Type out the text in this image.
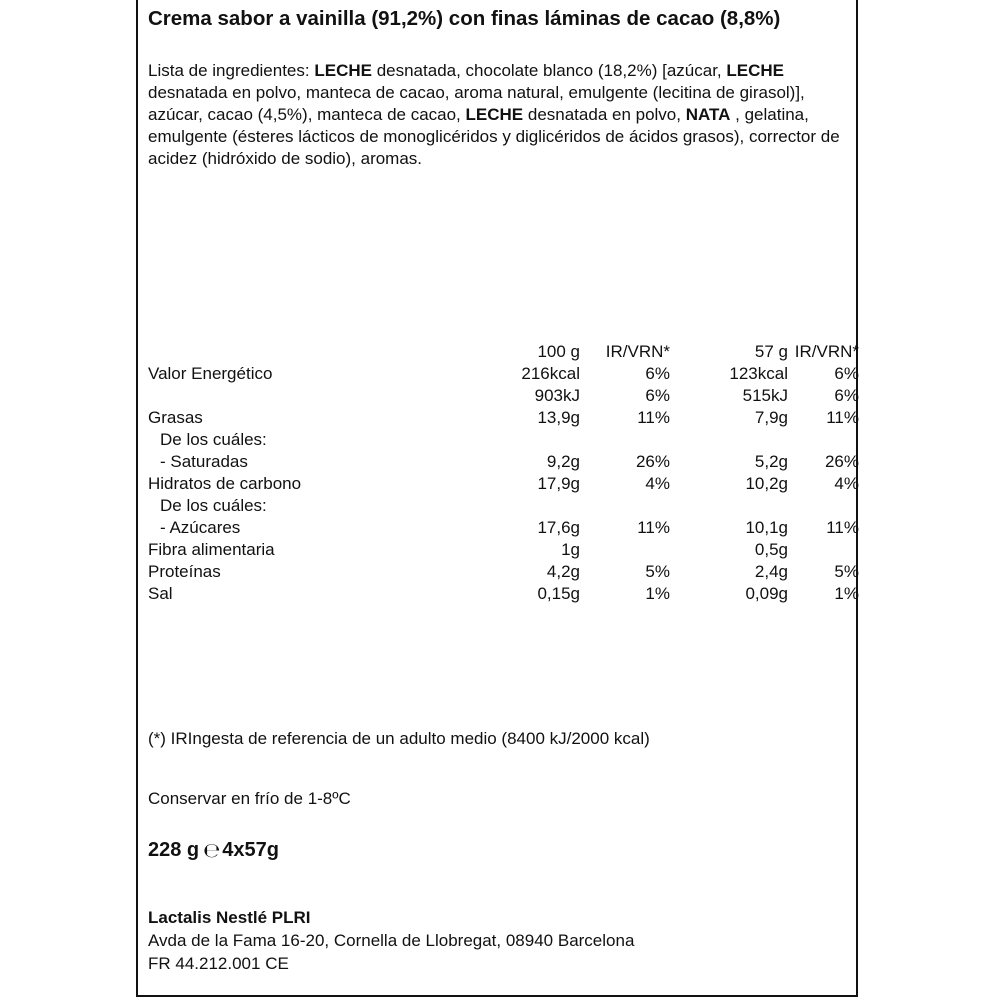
Crema sabor a vainilla (91,2%) con finas láminas de cacao (8,8%)

Lista de ingredientes: LECHE desnatada, chocolate blanco (18,2%) [azúcar, LECHE desnatada en polvo, manteca de cacao, aroma natural, emulgente (lecitina de girasol)], azúcar, cacao (4,5%), manteca de cacao, LECHE desnatada en polvo, NATA , gelatina, emulgente (ésteres lácticos de monoglicéridos y diglicéridos de ácidos grasos), corrector de acidez (hidróxido de sodio), aromas.

	100 g	IR/VRN*	57 g	IR/VRN*
Valor Energético	216kcal	6%	123kcal	6%
	903kJ	6%	515kJ	6%
Grasas	13,9g	11%	7,9g	11%
De los cuáles:				
- Saturadas	9,2g	26%	5,2g	26%
Hidratos de carbono	17,9g	4%	10,2g	4%
De los cuáles:				
- Azúcares	17,6g	11%	10,1g	11%
Fibra alimentaria	1g		0,5g	
Proteínas	4,2g	5%	2,4g	5%
Sal	0,15g	1%	0,09g	1%

(*) IRIngesta de referencia de un adulto medio (8400 kJ/2000 kcal)

Conservar en frío de 1-8ºC

228 g ℮ 4x57g

Lactalis Nestlé PLRI
Avda de la Fama 16-20, Cornella de Llobregat, 08940 Barcelona
FR 44.212.001 CE
